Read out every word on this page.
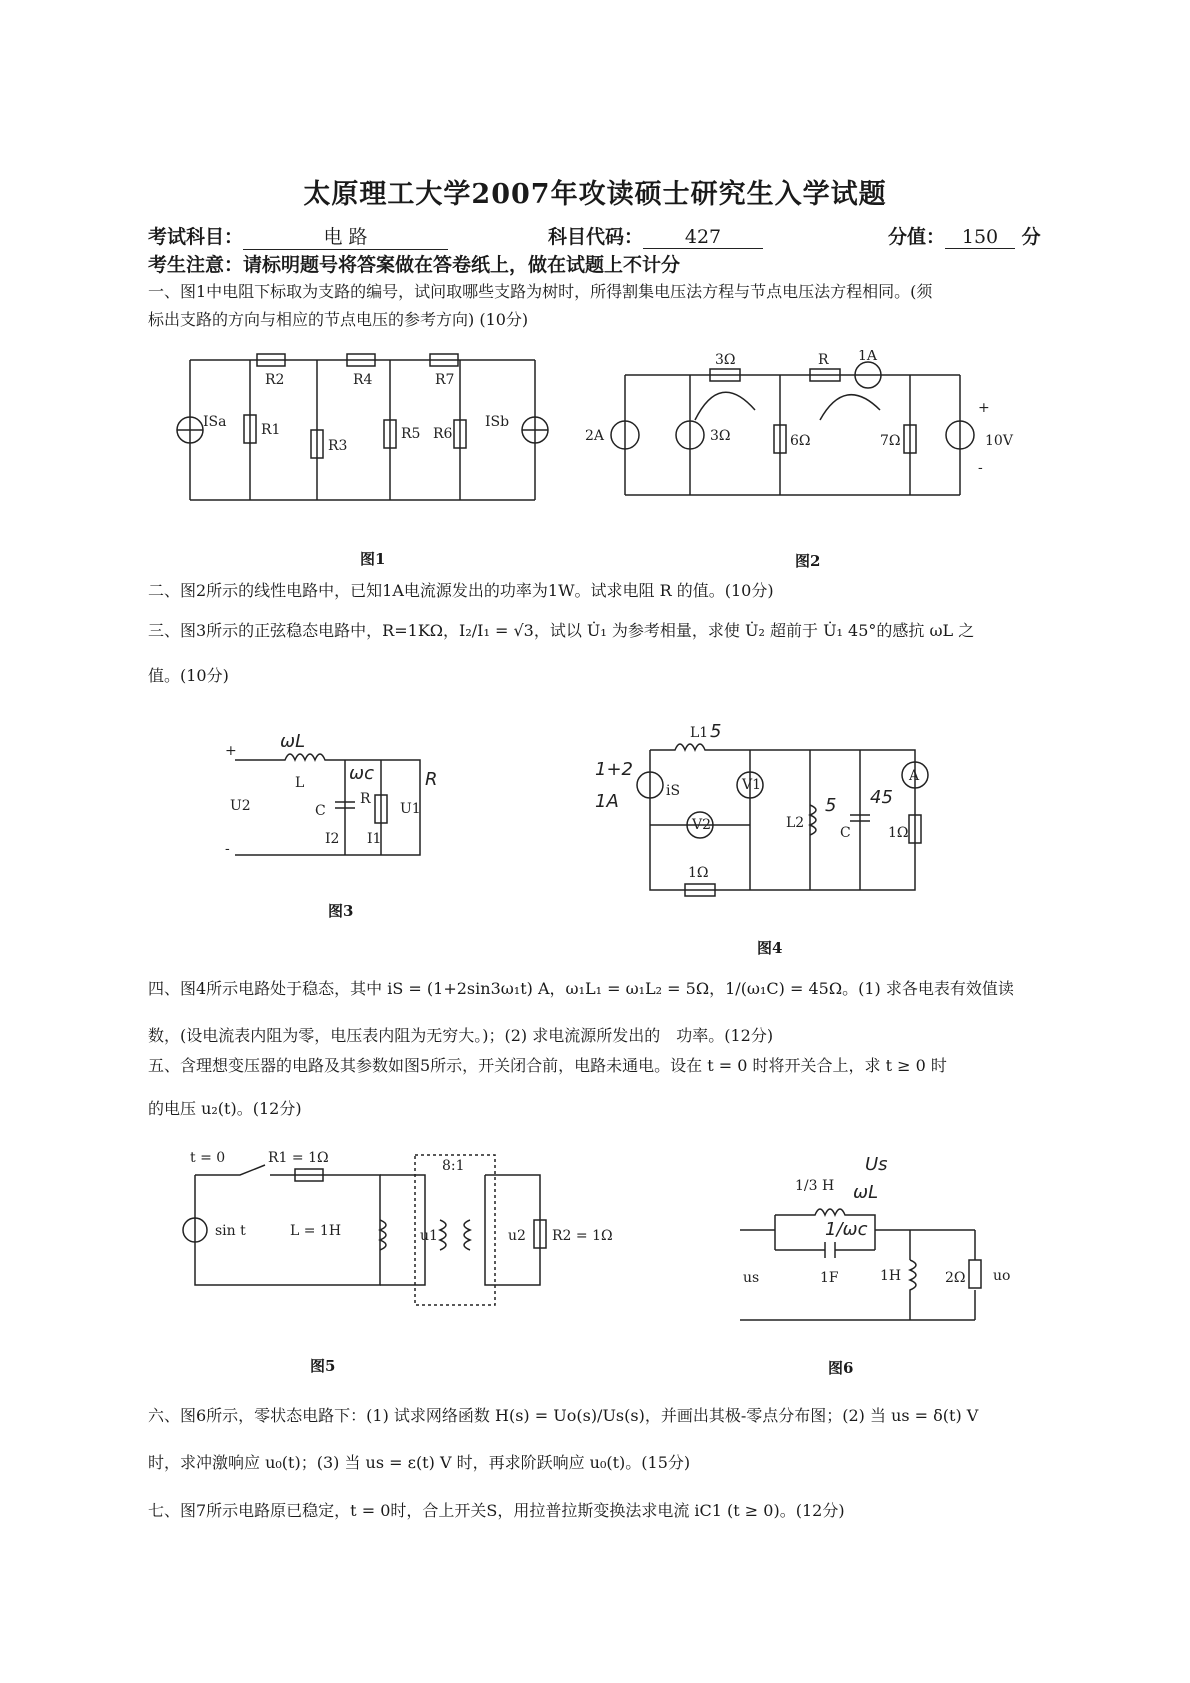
太原理工大学2007年攻读硕士研究生入学试题
考试科目：	电 路	科目代码： 427	分值： 150 分
考生注意：请标明题号将答案做在答卷纸上，做在试题上不计分
一、图1中电阻下标取为支路的编号，试问取哪些支路为树时，所得割集电压法方程与节点电压法方程相同。(须
标出支路的方向与相应的节点电压的参考方向) (10分)
ISa	ISb
R1
R2
R3
R4
R5 R6
R7
3Ω	R 1A
2A	3Ω	6Ω	7Ω	10V
+
-
图1	图2
二、图2所示的线性电路中，已知1A电流源发出的功率为1W。试求电阻 R 的值。(10分)
三、图3所示的正弦稳态电路中，R=1KΩ，I₂/I₁ = √3，试以 U̇₁ 为参考相量，求使 U̇₂ 超前于 U̇₁ 45°的感抗 ωL 之
值。(10分)
L
C
R
U2	U1
I2 I1
+
-
ωL
ωc	R
L1
L2
C
iS	V1
V2
A
1Ω
1Ω
5
5 45
1+2
1A
图3
图4
四、图4所示电路处于稳态，其中 iS = (1+2sin3ω₁t) A，ω₁L₁ = ω₁L₂ = 5Ω，1/(ω₁C) = 45Ω。(1) 求各电表有效值读
数，(设电流表内阻为零，电压表内阻为无穷大。)；(2) 求电流源所发出的　功率。(12分)
五、含理想变压器的电路及其参数如图5所示，开关闭合前，电路未通电。设在 t = 0 时将开关合上，求 t ≥ 0 时
的电压 u₂(t)。(12分)
t = 0	R1 = 1Ω	8:1
sin t	L = 1H	u1	u2 R2 = 1Ω
1/3 H
1F	1H	2Ω
us	uo
Us
ωL
1/ωc
图5	图6
六、图6所示，零状态电路下：(1) 试求网络函数 H(s) = Uo(s)/Us(s)，并画出其极-零点分布图；(2) 当 us = δ(t) V
时，求冲激响应 u₀(t)；(3) 当 us = ε(t) V 时，再求阶跃响应 u₀(t)。(15分)
七、图7所示电路原已稳定，t = 0时，合上开关S，用拉普拉斯变换法求电流 iC1 (t ≥ 0)。(12分)
